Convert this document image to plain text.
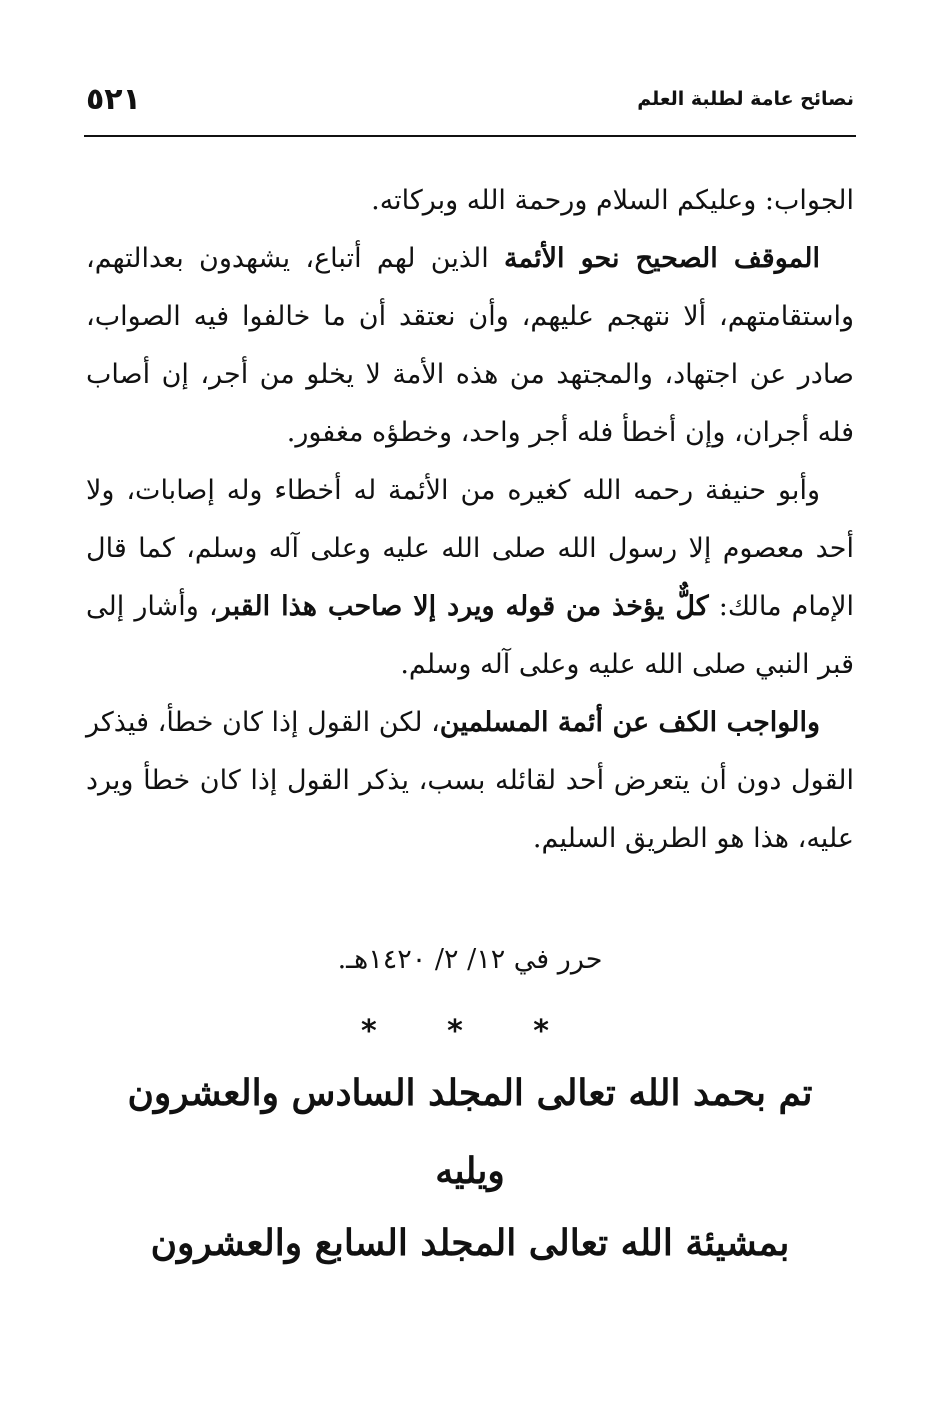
نصائح عامة لطلبة العلم
٥٢١

الجواب: وعليكم السلام ورحمة الله وبركاته.

الموقف الصحيح نحو الأئمة الذين لهم أتباع، يشهدون بعدالتهم، واستقامتهم، ألا نتهجم عليهم، وأن نعتقد أن ما خالفوا فيه الصواب، صادر عن اجتهاد، والمجتهد من هذه الأمة لا يخلو من أجر، إن أصاب فله أجران، وإن أخطأ فله أجر واحد، وخطؤه مغفور.

وأبو حنيفة رحمه الله كغيره من الأئمة له أخطاء وله إصابات، ولا أحد معصوم إلا رسول الله صلى الله عليه وعلى آله وسلم، كما قال الإمام مالك: كلٌّ يؤخذ من قوله ويرد إلا صاحب هذا القبر، وأشار إلى قبر النبي صلى الله عليه وعلى آله وسلم.

والواجب الكف عن أئمة المسلمين، لكن القول إذا كان خطأ، فيذكر القول دون أن يتعرض أحد لقائله بسب، يذكر القول إذا كان خطأ ويرد عليه، هذا هو الطريق السليم.

حرر في ١٢/ ٢/ ١٤٢٠هـ.
* * *
تم بحمد الله تعالى المجلد السادس والعشرون
ويليه
بمشيئة الله تعالى المجلد السابع والعشرون
